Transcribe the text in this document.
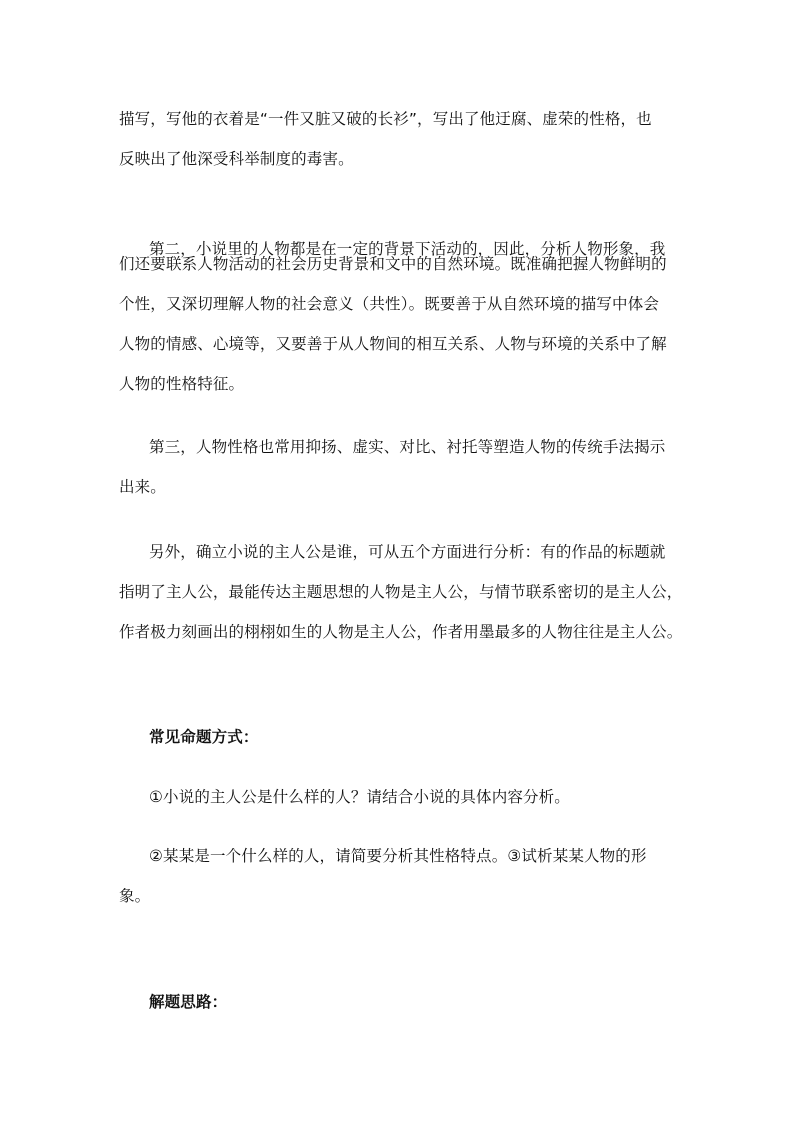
描写，写他的衣着是“一件又脏又破的长衫”，写出了他迂腐、虚荣的性格，也
反映出了他深受科举制度的毒害。
第二，小说里的人物都是在一定的背景下活动的，因此，分析人物形象，我
们还要联系人物活动的社会历史背景和文中的自然环境。既准确把握人物鲜明的
个性，又深切理解人物的社会意义（共性）。既要善于从自然环境的描写中体会
人物的情感、心境等，又要善于从人物间的相互关系、人物与环境的关系中了解
人物的性格特征。
第三，人物性格也常用抑扬、虚实、对比、衬托等塑造人物的传统手法揭示
出来。
另外，确立小说的主人公是谁，可从五个方面进行分析：有的作品的标题就
指明了主人公，最能传达主题思想的人物是主人公，与情节联系密切的是主人公，
作者极力刻画出的栩栩如生的人物是主人公，作者用墨最多的人物往往是主人公。
常见命题方式：
①小说的主人公是什么样的人？请结合小说的具体内容分析。
②某某是一个什么样的人，请简要分析其性格特点。③试析某某人物的形
象。
解题思路：
